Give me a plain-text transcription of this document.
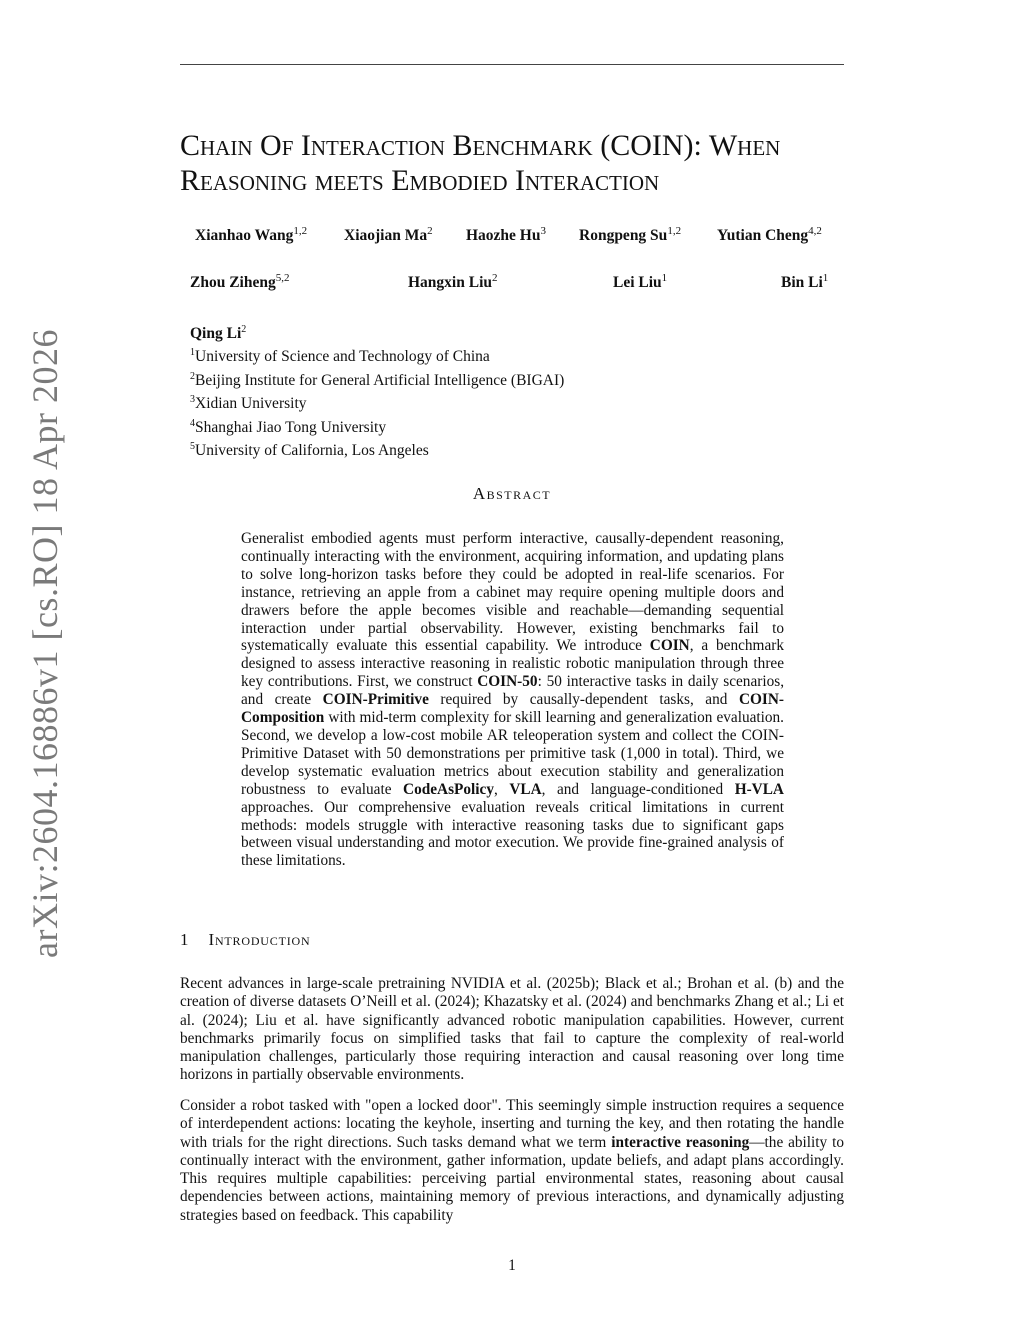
arXiv:2604.16886v1 [cs.RO] 18 Apr 2026
Chain Of Interaction Benchmark (COIN): When
Reasoning meets Embodied Interaction
Xianhao Wang$^{1,2}$ Xiaojian Ma$^2$ Haozhe Hu$^3$ Rongpeng Su$^{1,2}$ Yutian Cheng$^{4,2}$
Zhou Ziheng$^{5,2}$	Hangxin Liu$^2$	Lei Liu$^1$	Bin Li$^1$
Qing Li$^2$
$^1$University of Science and Technology of China
$^2$Beijing Institute for General Artificial Intelligence (BIGAI)
$^3$Xidian University
$^4$Shanghai Jiao Tong University
$^5$University of California, Los Angeles
Abstract
Generalist embodied agents must perform interactive, causally-dependent reasoning, continually interacting with the environment, acquiring information, and updating plans to solve long-horizon tasks before they could be adopted in real-life scenarios. For instance, retrieving an apple from a cabinet may require opening multiple doors and drawers before the apple becomes visible and reachable—demanding sequential interaction under partial observability. However, existing benchmarks fail to systematically evaluate this essential capability. We introduce COIN, a benchmark designed to assess interactive reasoning in realistic robotic manipulation through three key contributions. First, we construct COIN-50: 50 interactive tasks in daily scenarios, and create COIN-Primitive required by causally-dependent tasks, and COIN-Composition with mid-term complexity for skill learning and generalization evaluation. Second, we develop a low-cost mobile AR teleoperation system and collect the COIN-Primitive Dataset with 50 demonstrations per primitive task (1,000 in total). Third, we develop systematic evaluation metrics about execution stability and generalization robustness to evaluate CodeAsPolicy, VLA, and language-conditioned H-VLA approaches. Our comprehensive evaluation reveals critical limitations in current methods: models struggle with interactive reasoning tasks due to significant gaps between visual understanding and motor execution. We provide fine-grained analysis of these limitations.
1 Introduction
Recent advances in large-scale pretraining NVIDIA et al. (2025b); Black et al.; Brohan et al. (b) and the creation of diverse datasets O’Neill et al. (2024); Khazatsky et al. (2024) and benchmarks Zhang et al.; Li et al. (2024); Liu et al. have significantly advanced robotic manipulation capabilities. However, current benchmarks primarily focus on simplified tasks that fail to capture the complexity of real-world manipulation challenges, particularly those requiring interaction and causal reasoning over long time horizons in partially observable environments.
Consider a robot tasked with "open a locked door". This seemingly simple instruction requires a sequence of interdependent actions: locating the keyhole, inserting and turning the key, and then rotating the handle with trials for the right directions. Such tasks demand what we term interactive reasoning—the ability to continually interact with the environment, gather information, update beliefs, and adapt plans accordingly. This requires multiple capabilities: perceiving partial environmental states, reasoning about causal dependencies between actions, maintaining memory of previous interactions, and dynamically adjusting strategies based on feedback. This capability
1
